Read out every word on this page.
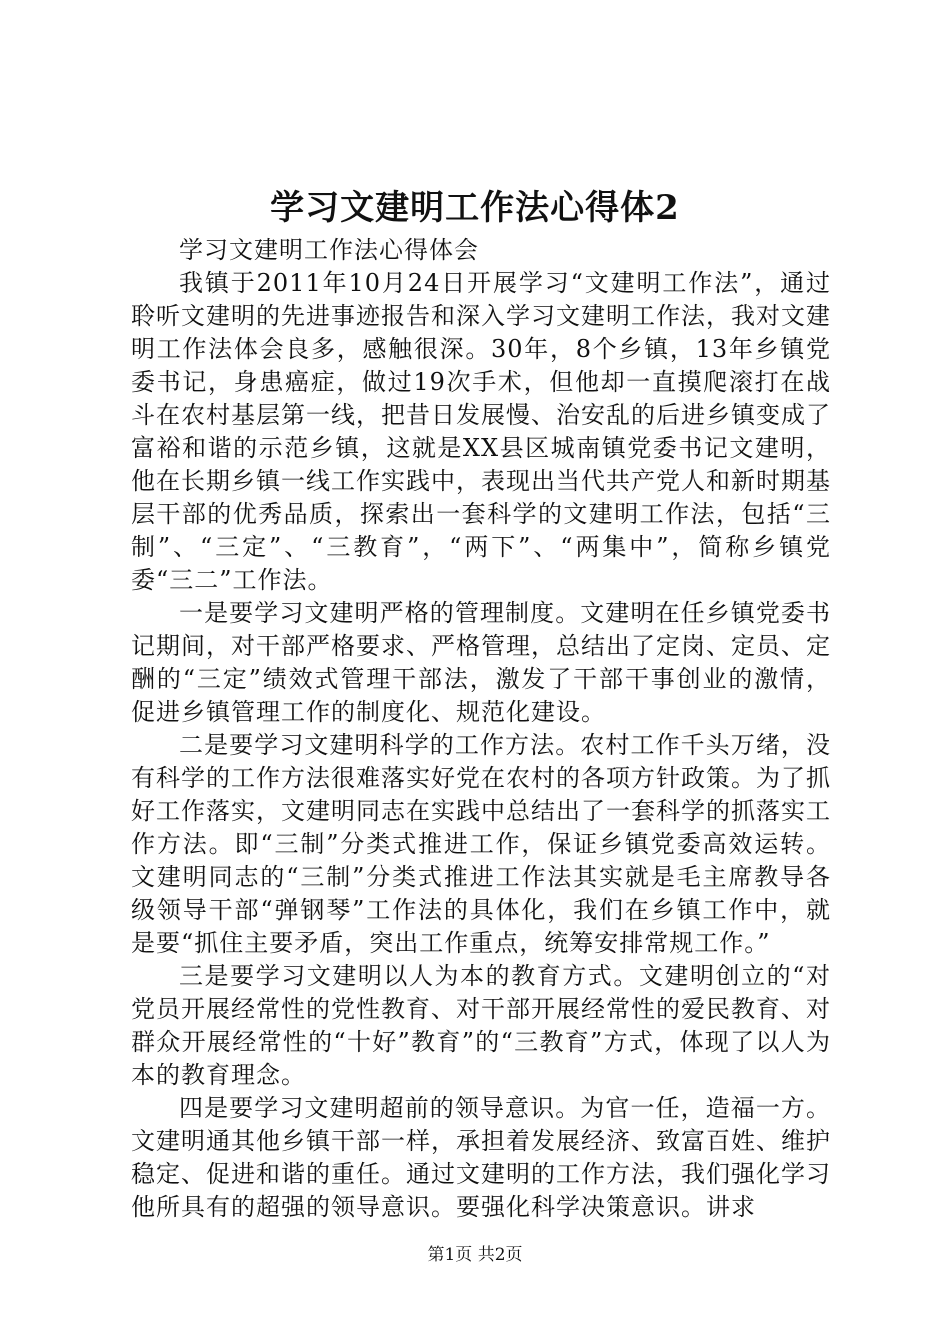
学习文建明工作法心得体2

学习文建明工作法心得体会

我镇于2011年10月24日开展学习“文建明工作法”，通过聆听文建明的先进事迹报告和深入学习文建明工作法，我对文建明工作法体会良多，感触很深。30年，8个乡镇，13年乡镇党委书记，身患癌症，做过19次手术，但他却一直摸爬滚打在战斗在农村基层第一线，把昔日发展慢、治安乱的后进乡镇变成了富裕和谐的示范乡镇，这就是XX县区城南镇党委书记文建明，他在长期乡镇一线工作实践中，表现出当代共产党人和新时期基层干部的优秀品质，探索出一套科学的文建明工作法，包括“三制”、“三定”、“三教育”，“两下”、“两集中”，简称乡镇党委“三二”工作法。

一是要学习文建明严格的管理制度。文建明在任乡镇党委书记期间，对干部严格要求、严格管理，总结出了定岗、定员、定酬的“三定”绩效式管理干部法，激发了干部干事创业的激情，促进乡镇管理工作的制度化、规范化建设。

二是要学习文建明科学的工作方法。农村工作千头万绪，没有科学的工作方法很难落实好党在农村的各项方针政策。为了抓好工作落实，文建明同志在实践中总结出了一套科学的抓落实工作方法。即“三制”分类式推进工作，保证乡镇党委高效运转。文建明同志的“三制”分类式推进工作法其实就是毛主席教导各级领导干部“弹钢琴”工作法的具体化，我们在乡镇工作中，就是要“抓住主要矛盾，突出工作重点，统筹安排常规工作。”

三是要学习文建明以人为本的教育方式。文建明创立的“对党员开展经常性的党性教育、对干部开展经常性的爱民教育、对群众开展经常性的“十好”教育”的“三教育”方式，体现了以人为本的教育理念。

四是要学习文建明超前的领导意识。为官一任，造福一方。文建明通其他乡镇干部一样，承担着发展经济、致富百姓、维护稳定、促进和谐的重任。通过文建明的工作方法，我们强化学习他所具有的超强的领导意识。要强化科学决策意识。讲求

第1页 共2页
